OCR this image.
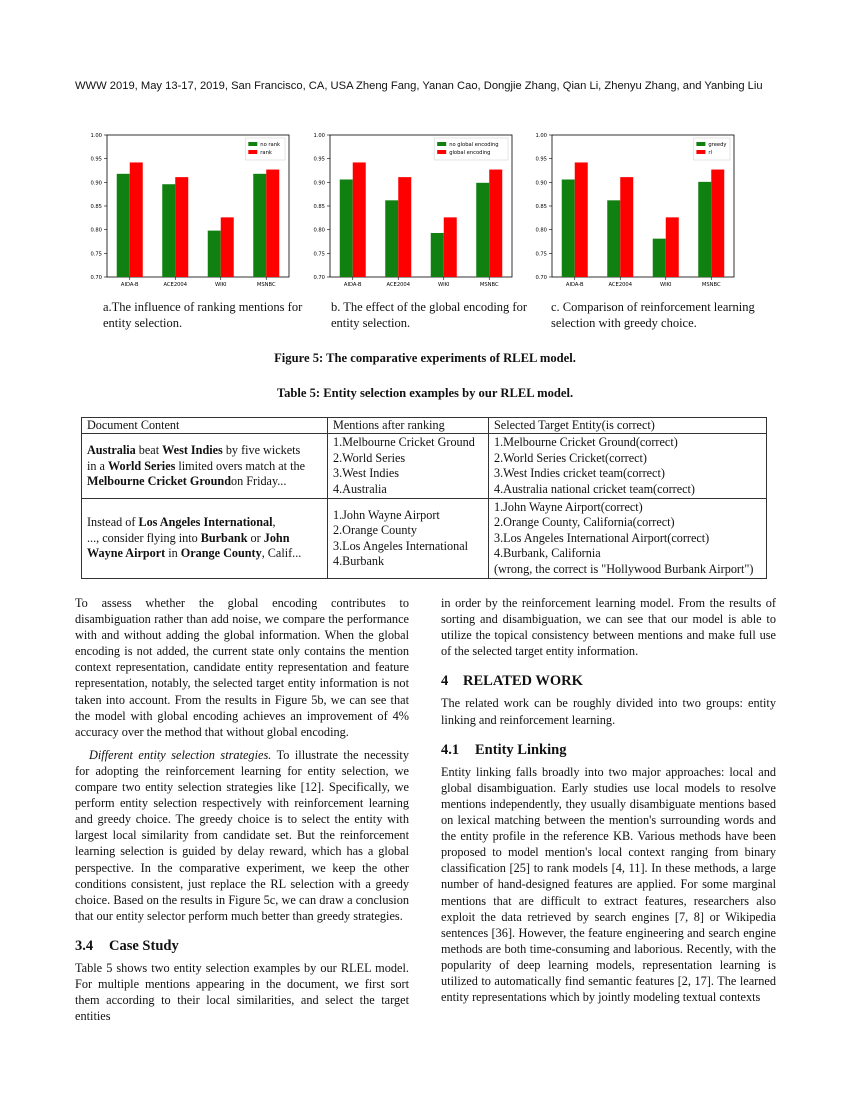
WWW 2019, May 13-17, 2019, San Francisco, CA, USA Zheng Fang, Yanan Cao, Dongjie Zhang, Qian Li, Zhenyu Zhang, and Yanbing Liu
0.70
0.75
0.80
0.85
0.90
0.95
1.00
AIDA-B	ACE2004	WIKI	MSNBC
no rank
rank
0.70
0.75
0.80
0.85
0.90
0.95
1.00
AIDA-B	ACE2004	WIKI	MSNBC
no global encoding
global encoding
0.70
0.75
0.80
0.85
0.90
0.95
1.00
AIDA-B	ACE2004	WIKI	MSNBC
greedy
rl
a.The influence of ranking mentions for entity selection.
b. The effect of the global encoding for entity selection.
c. Comparison of reinforcement learning selection with greedy choice.
Figure 5: The comparative experiments of RLEL model.
Table 5: Entity selection examples by our RLEL model.
Document Content	Mentions after ranking	Selected Target Entity(is correct)

Australia beat West Indies by five wickets
in a World Series limited overs match at the
Melbourne Cricket Groundon Friday...	1.Melbourne Cricket Ground
2.World Series
3.West Indies
4.Australia	1.Melbourne Cricket Ground(correct)
2.World Series Cricket(correct)
3.West Indies cricket team(correct)
4.Australia national cricket team(correct)

Instead of Los Angeles International,
..., consider flying into Burbank or John
Wayne Airport in Orange County, Calif...	1.John Wayne Airport
2.Orange County
3.Los Angeles International
4.Burbank	1.John Wayne Airport(correct)
2.Orange County, California(correct)
3.Los Angeles International Airport(correct)
4.Burbank, California
(wrong, the correct is "Hollywood Burbank Airport")

To assess whether the global encoding contributes to disambiguation rather than add noise, we compare the performance with and without adding the global information. When the global encoding is not added, the current state only contains the mention context representation, candidate entity representation and feature representation, notably, the selected target entity information is not taken into account. From the results in Figure 5b, we can see that the model with global encoding achieves an improvement of 4% accuracy over the method that without global encoding.

Different entity selection strategies. To illustrate the necessity for adopting the reinforcement learning for entity selection, we compare two entity selection strategies like [12]. Specifically, we perform entity selection respectively with reinforcement learning and greedy choice. The greedy choice is to select the entity with largest local similarity from candidate set. But the reinforcement learning selection is guided by delay reward, which has a global perspective. In the comparative experiment, we keep the other conditions consistent, just replace the RL selection with a greedy choice. Based on the results in Figure 5c, we can draw a conclusion that our entity selector perform much better than greedy strategies.

3.4 Case Study

Table 5 shows two entity selection examples by our RLEL model. For multiple mentions appearing in the document, we first sort them according to their local similarities, and select the target entities

in order by the reinforcement learning model. From the results of sorting and disambiguation, we can see that our model is able to utilize the topical consistency between mentions and make full use of the selected target entity information.

4 RELATED WORK

The related work can be roughly divided into two groups: entity linking and reinforcement learning.

4.1 Entity Linking

Entity linking falls broadly into two major approaches: local and global disambiguation. Early studies use local models to resolve mentions independently, they usually disambiguate mentions based on lexical matching between the mention's surrounding words and the entity profile in the reference KB. Various methods have been proposed to model mention's local context ranging from binary classification [25] to rank models [4, 11]. In these methods, a large number of hand-designed features are applied. For some marginal mentions that are difficult to extract features, researchers also exploit the data retrieved by search engines [7, 8] or Wikipedia sentences [36]. However, the feature engineering and search engine methods are both time-consuming and laborious. Recently, with the popularity of deep learning models, representation learning is utilized to automatically find semantic features [2, 17]. The learned entity representations which by jointly modeling textual contexts
